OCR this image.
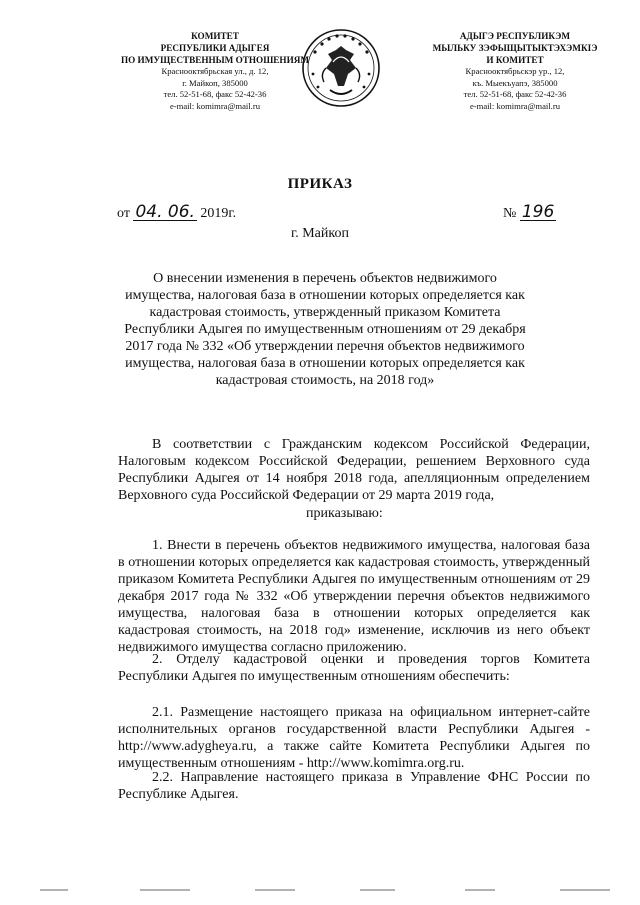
КОМИТЕТ
РЕСПУБЛИКИ АДЫГЕЯ
ПО ИМУЩЕСТВЕННЫМ ОТНОШЕНИЯМ
Краснооктябрьская ул., д. 12,
г. Майкоп, 385000
тел. 52-51-68, факс 52-42-36
e-mail: komimra@mail.ru
АДЫГЭ РЕСПУБЛИКЭМ
МЫЛЬКУ ЗЭФЫЩЫТЫКТЭХЭМКІЭ
И КОМИТЕТ
Краснооктябрьскэр ур., 12,
къ. Мыекъуапэ, 385000
тел. 52-51-68, факс 52-42-36
e-mail: komimra@mail.ru
ПРИКАЗ
от 04. 06. 2019г.	№ 196
г. Майкоп
О внесении изменения в перечень объектов недвижимого имущества, налоговая база в отношении которых определяется как кадастровая стоимость, утвержденный приказом Комитета Республики Адыгея по имущественным отношениям от 29 декабря 2017 года № 332 «Об утверждении перечня объектов недвижимого имущества, налоговая база в отношении которых определяется как кадастровая стоимость, на 2018 год»

В соответствии с Гражданским кодексом Российской Федерации, Налоговым кодексом Российской Федерации, решением Верховного суда Республики Адыгея от 14 ноября 2018 года, апелляционным определением Верховного суда Российской Федерации от 29 марта 2019 года,

приказываю:

1. Внести в перечень объектов недвижимого имущества, налоговая база в отношении которых определяется как кадастровая стоимость, утвержденный приказом Комитета Республики Адыгея по имущественным отношениям от 29 декабря 2017 года № 332 «Об утверждении перечня объектов недвижимого имущества, налоговая база в отношении которых определяется как кадастровая стоимость, на 2018 год» изменение, исключив из него объект недвижимого имущества согласно приложению.

2. Отделу кадастровой оценки и проведения торгов Комитета Республики Адыгея по имущественным отношениям обеспечить:

2.1. Размещение настоящего приказа на официальном интернет-сайте исполнительных органов государственной власти Республики Адыгея - http://www.adygheya.ru, а также сайте Комитета Республики Адыгея по имущественным отношениям - http://www.komimra.org.ru.

2.2. Направление настоящего приказа в Управление ФНС России по Республике Адыгея.
